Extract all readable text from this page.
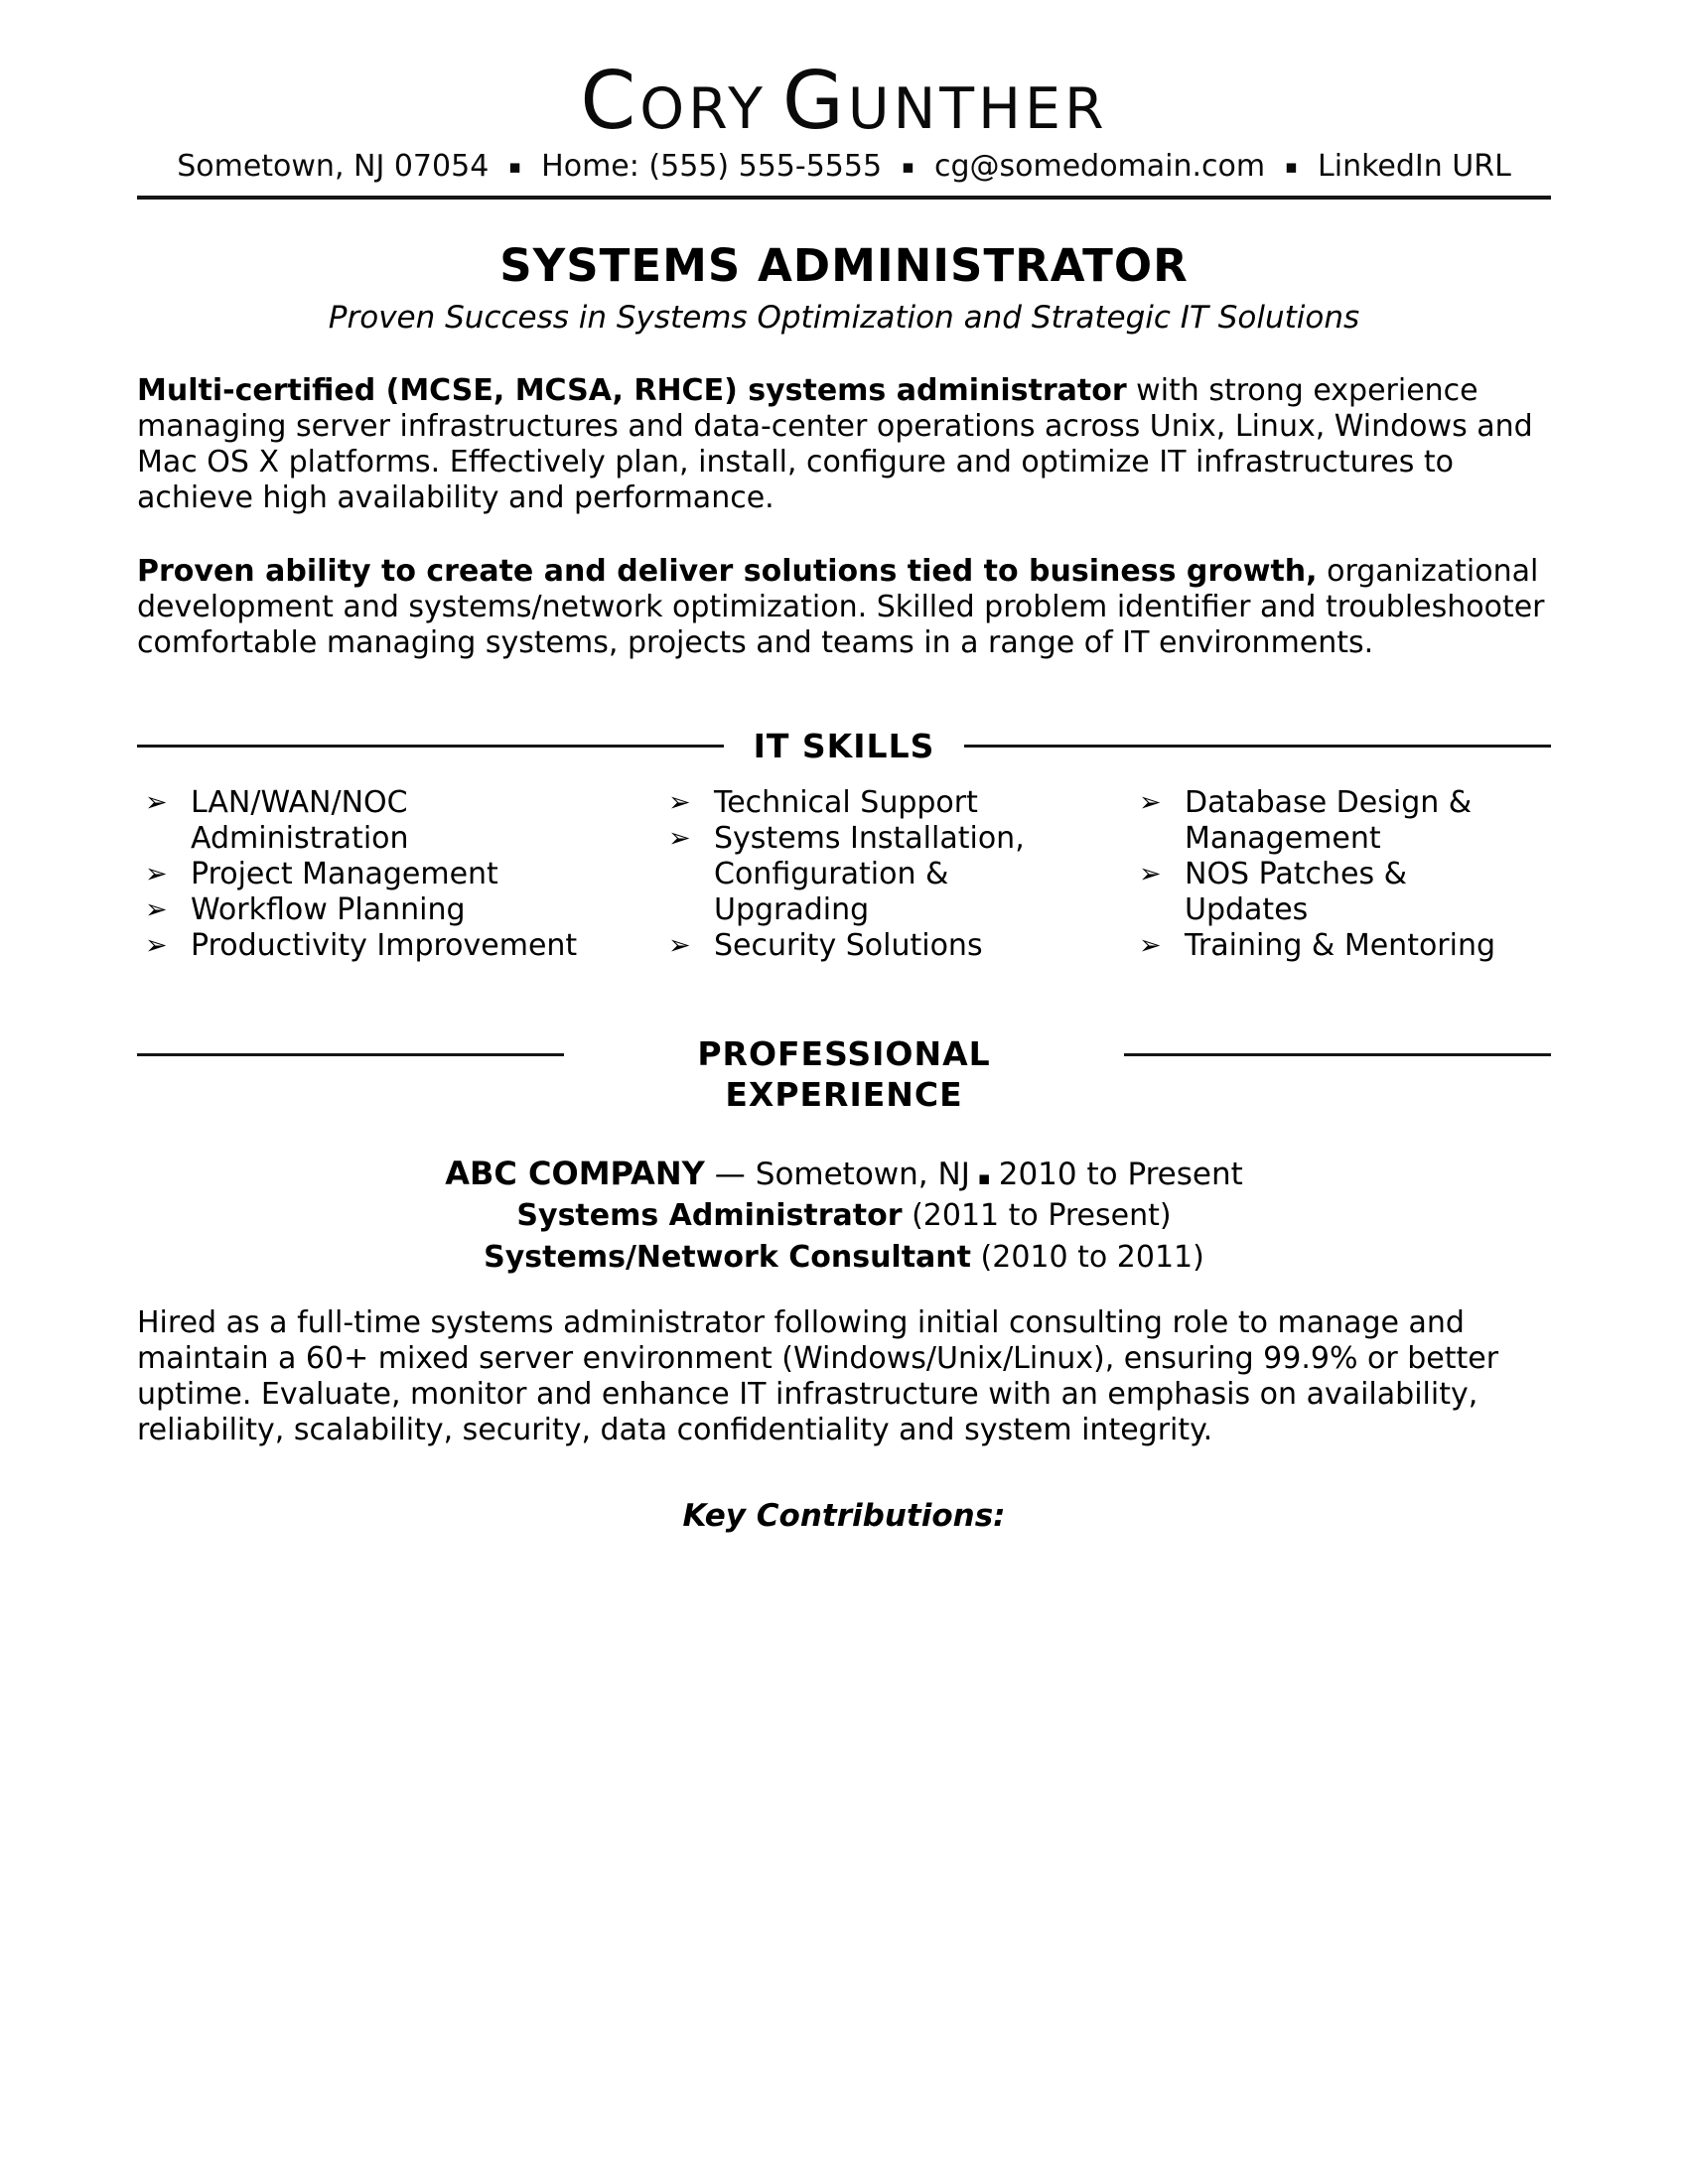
CORY GUNTHER
Sometown, NJ 07054 ▪ Home: (555) 555-5555 ▪ cg@somedomain.com ▪ LinkedIn URL
SYSTEMS ADMINISTRATOR
Proven Success in Systems Optimization and Strategic IT Solutions
Multi-certified (MCSE, MCSA, RHCE) systems administrator with strong experience managing server infrastructures and data-center operations across Unix, Linux, Windows and Mac OS X platforms. Effectively plan, install, configure and optimize IT infrastructures to achieve high availability and performance.
Proven ability to create and deliver solutions tied to business growth, organizational development and systems/network optimization. Skilled problem identifier and troubleshooter comfortable managing systems, projects and teams in a range of IT environments.
IT SKILLS
➢ LAN/WAN/NOC Administration
➢ Project Management
➢ Workflow Planning
➢ Productivity Improvement
➢ Technical Support
➢ Systems Installation, Configuration & Upgrading
➢ Security Solutions
➢ Database Design & Management
➢ NOS Patches & Updates
➢ Training & Mentoring
PROFESSIONAL
EXPERIENCE
ABC COMPANY — Sometown, NJ ▪ 2010 to Present
Systems Administrator (2011 to Present)
Systems/Network Consultant (2010 to 2011)
Hired as a full-time systems administrator following initial consulting role to manage and maintain a 60+ mixed server environment (Windows/Unix/Linux), ensuring 99.9% or better uptime. Evaluate, monitor and enhance IT infrastructure with an emphasis on availability, reliability, scalability, security, data confidentiality and system integrity.
Key Contributions:
